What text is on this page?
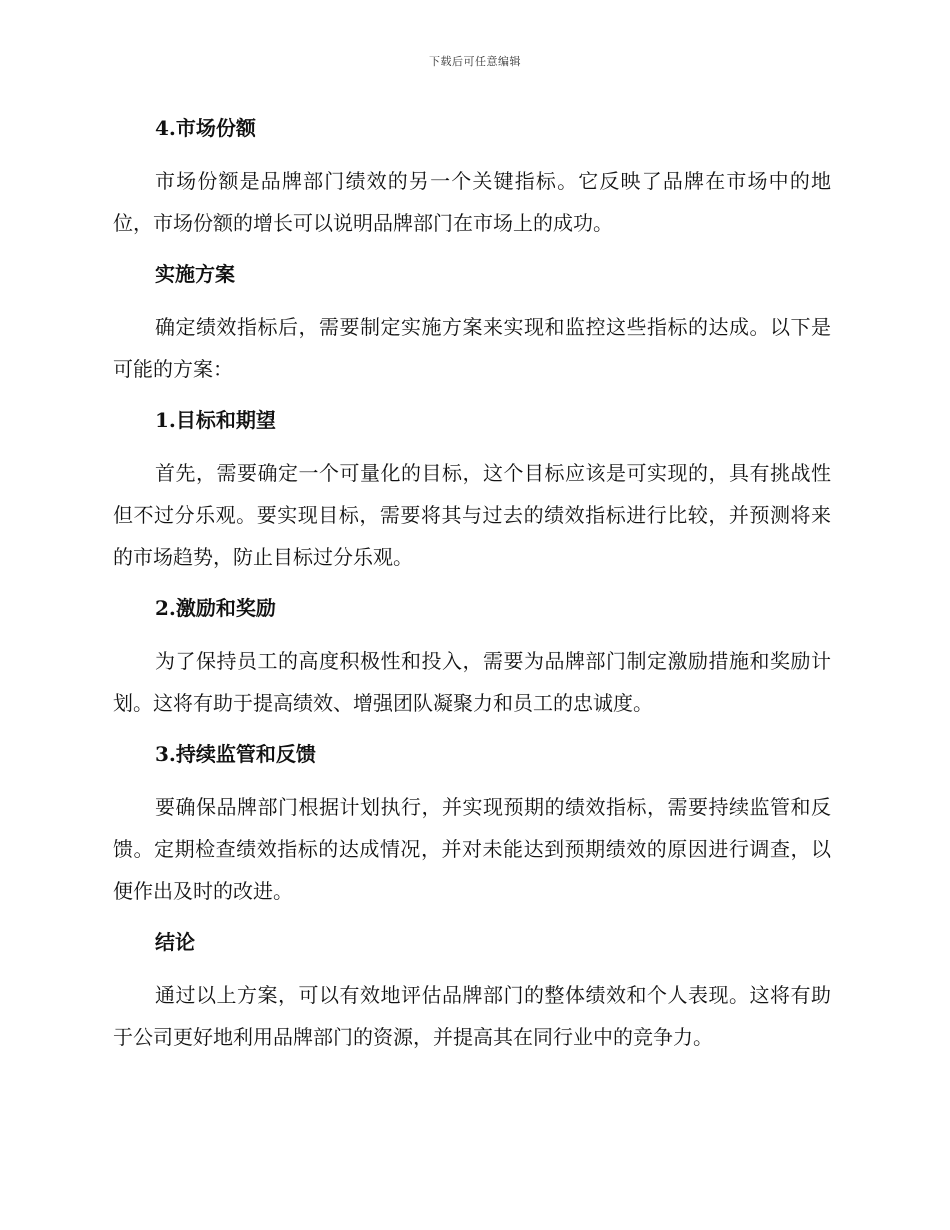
下载后可任意编辑
4.市场份额

市场份额是品牌部门绩效的另一个关键指标。它反映了品牌在市场中的地位，市场份额的增长可以说明品牌部门在市场上的成功。

实施方案

确定绩效指标后，需要制定实施方案来实现和监控这些指标的达成。以下是可能的方案：

1.目标和期望

首先，需要确定一个可量化的目标，这个目标应该是可实现的，具有挑战性但不过分乐观。要实现目标，需要将其与过去的绩效指标进行比较，并预测将来的市场趋势，防止目标过分乐观。

2.激励和奖励

为了保持员工的高度积极性和投入，需要为品牌部门制定激励措施和奖励计划。这将有助于提高绩效、增强团队凝聚力和员工的忠诚度。

3.持续监管和反馈

要确保品牌部门根据计划执行，并实现预期的绩效指标，需要持续监管和反馈。定期检查绩效指标的达成情况，并对未能达到预期绩效的原因进行调查，以便作出及时的改进。

结论

通过以上方案，可以有效地评估品牌部门的整体绩效和个人表现。这将有助于公司更好地利用品牌部门的资源，并提高其在同行业中的竞争力。
